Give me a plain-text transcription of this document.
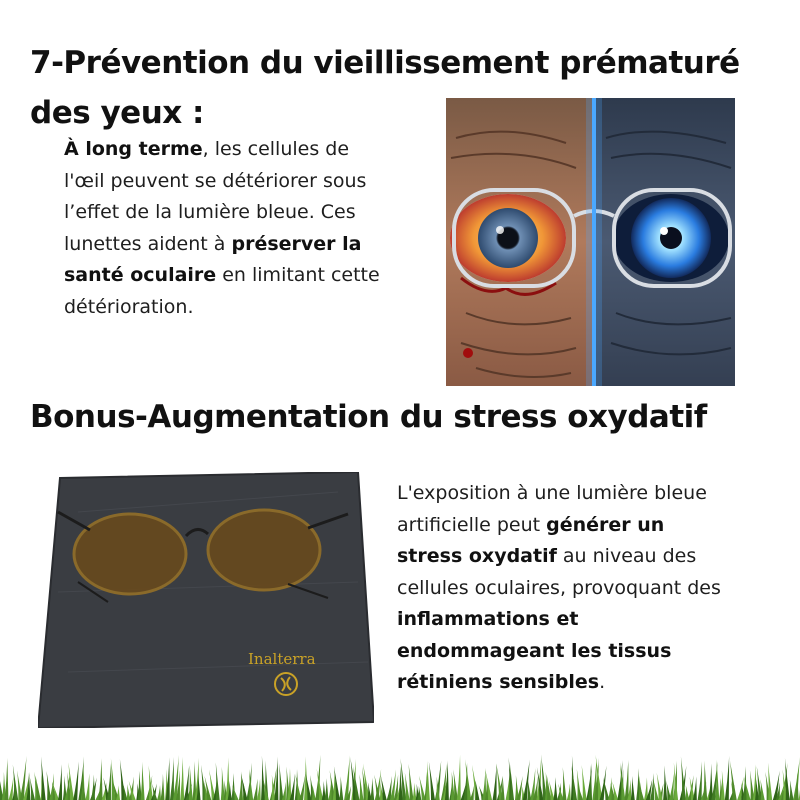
7-Prévention du vieillissement prématuré des yeux :

À long terme, les cellules de l'œil peuvent se détériorer sous l’effet de la lumière bleue. Ces lunettes aident à préserver la santé oculaire en limitant cette détérioration.

Bonus-Augmentation du stress oxydatif
Inalterra

L'exposition à une lumière bleue artificielle peut générer un stress oxydatif au niveau des cellules oculaires, provoquant des inflammations et endommageant les tissus rétiniens sensibles.
